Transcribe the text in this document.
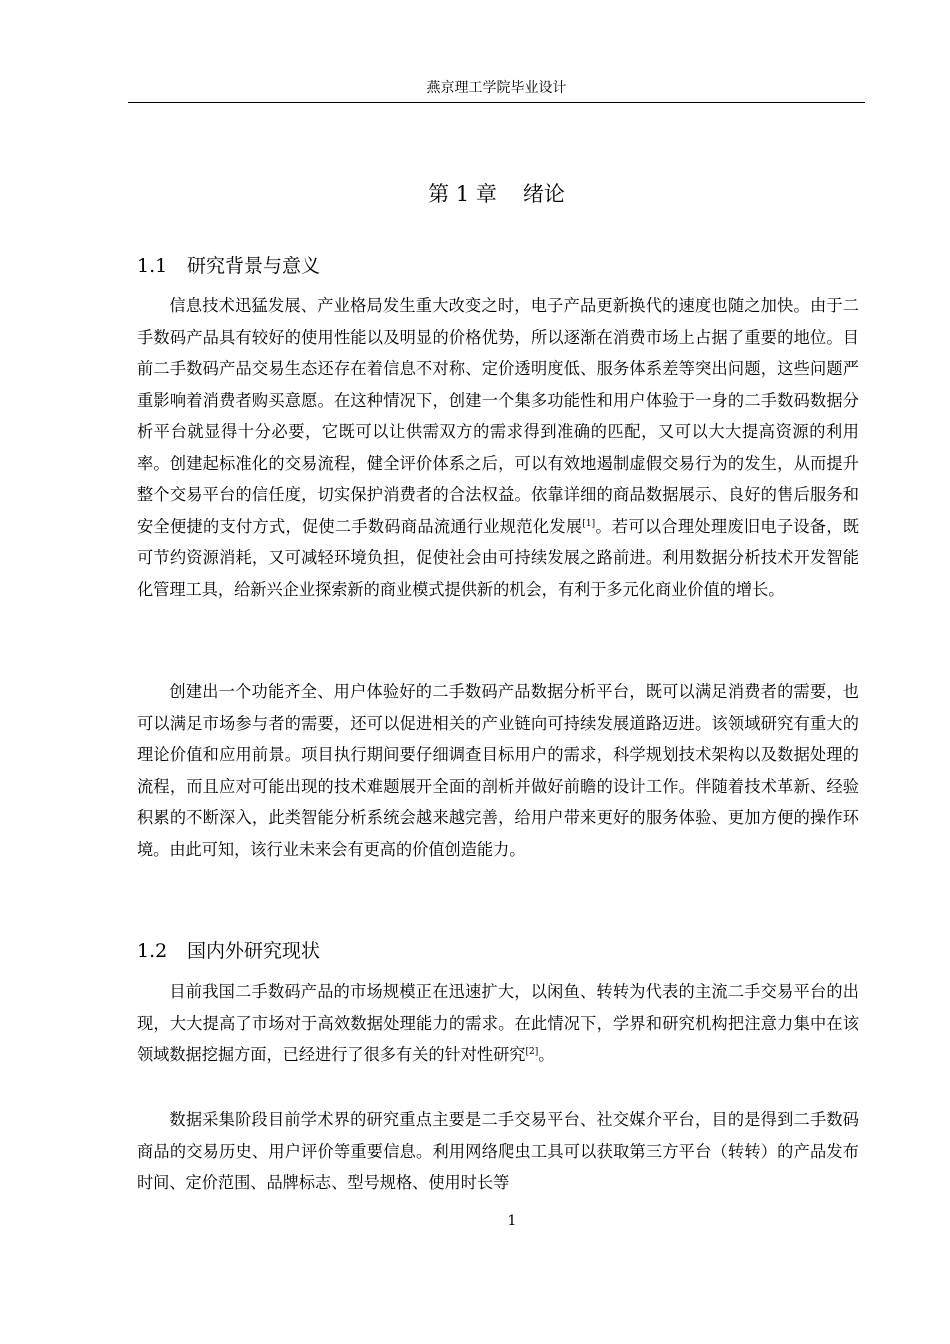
燕京理工学院毕业设计
第 1 章 绪论
1.1 研究背景与意义

信息技术迅猛发展、产业格局发生重大改变之时，电子产品更新换代的速度也随之加快。由于二手数码产品具有较好的使用性能以及明显的价格优势，所以逐渐在消费市场上占据了重要的地位。目前二手数码产品交易生态还存在着信息不对称、定价透明度低、服务体系差等突出问题，这些问题严重影响着消费者购买意愿。在这种情况下，创建一个集多功能性和用户体验于一身的二手数码数据分析平台就显得十分必要，它既可以让供需双方的需求得到准确的匹配，又可以大大提高资源的利用率。创建起标准化的交易流程，健全评价体系之后，可以有效地遏制虚假交易行为的发生，从而提升整个交易平台的信任度，切实保护消费者的合法权益。依靠详细的商品数据展示、良好的售后服务和安全便捷的支付方式，促使二手数码商品流通行业规范化发展[1]。若可以合理处理废旧电子设备，既可节约资源消耗，又可减轻环境负担，促使社会由可持续发展之路前进。利用数据分析技术开发智能化管理工具，给新兴企业探索新的商业模式提供新的机会，有利于多元化商业价值的增长。

创建出一个功能齐全、用户体验好的二手数码产品数据分析平台，既可以满足消费者的需要，也可以满足市场参与者的需要，还可以促进相关的产业链向可持续发展道路迈进。该领域研究有重大的理论价值和应用前景。项目执行期间要仔细调查目标用户的需求，科学规划技术架构以及数据处理的流程，而且应对可能出现的技术难题展开全面的剖析并做好前瞻的设计工作。伴随着技术革新、经验积累的不断深入，此类智能分析系统会越来越完善，给用户带来更好的服务体验、更加方便的操作环境。由此可知，该行业未来会有更高的价值创造能力。

1.2 国内外研究现状

目前我国二手数码产品的市场规模正在迅速扩大，以闲鱼、转转为代表的主流二手交易平台的出现，大大提高了市场对于高效数据处理能力的需求。在此情况下，学界和研究机构把注意力集中在该领域数据挖掘方面，已经进行了很多有关的针对性研究[2]。

数据采集阶段目前学术界的研究重点主要是二手交易平台、社交媒介平台，目的是得到二手数码商品的交易历史、用户评价等重要信息。利用网络爬虫工具可以获取第三方平台（转转）的产品发布时间、定价范围、品牌标志、型号规格、使用时长等

1
